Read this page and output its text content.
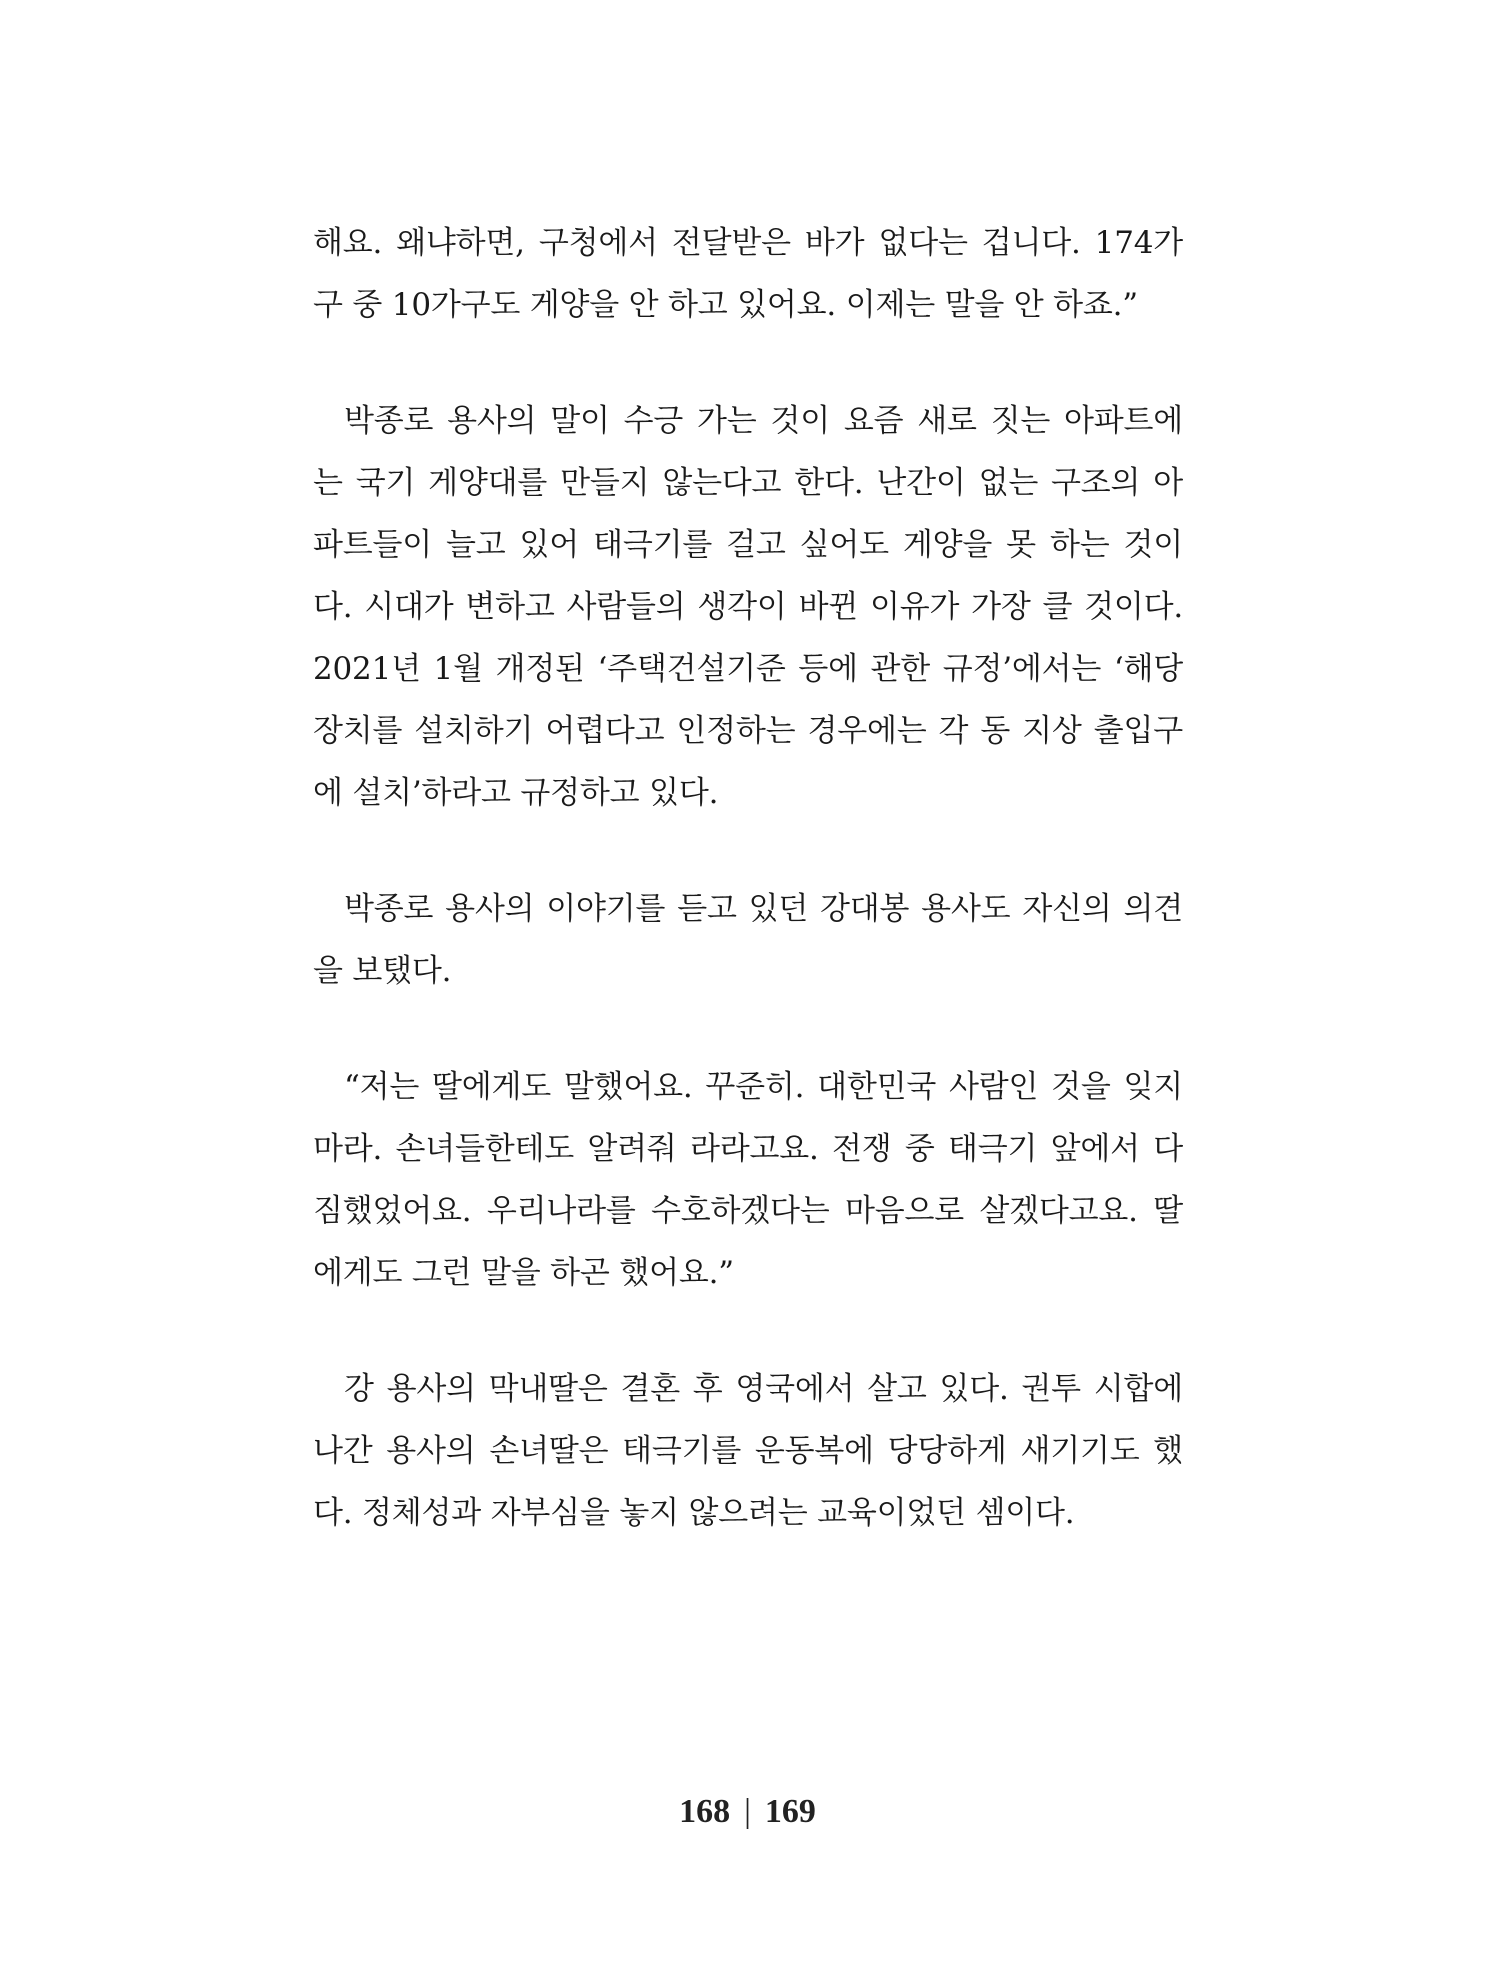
해요. 왜냐하면, 구청에서 전달받은 바가 없다는 겁니다. 174가
구 중 10가구도 게양을 안 하고 있어요. 이제는 말을 안 하죠.”

박종로 용사의 말이 수긍 가는 것이 요즘 새로 짓는 아파트에
는 국기 게양대를 만들지 않는다고 한다. 난간이 없는 구조의 아
파트들이 늘고 있어 태극기를 걸고 싶어도 게양을 못 하는 것이
다. 시대가 변하고 사람들의 생각이 바뀐 이유가 가장 클 것이다.
2021년 1월 개정된 ‘주택건설기준 등에 관한 규정’에서는 ‘해당
장치를 설치하기 어렵다고 인정하는 경우에는 각 동 지상 출입구
에 설치’하라고 규정하고 있다.

박종로 용사의 이야기를 듣고 있던 강대봉 용사도 자신의 의견
을 보탰다.

“저는 딸에게도 말했어요. 꾸준히. 대한민국 사람인 것을 잊지
마라. 손녀들한테도 알려줘 라라고요. 전쟁 중 태극기 앞에서 다
짐했었어요. 우리나라를 수호하겠다는 마음으로 살겠다고요. 딸
에게도 그런 말을 하곤 했어요.”

강 용사의 막내딸은 결혼 후 영국에서 살고 있다. 권투 시합에
나간 용사의 손녀딸은 태극기를 운동복에 당당하게 새기기도 했
다. 정체성과 자부심을 놓지 않으려는 교육이었던 셈이다.

168 | 169
